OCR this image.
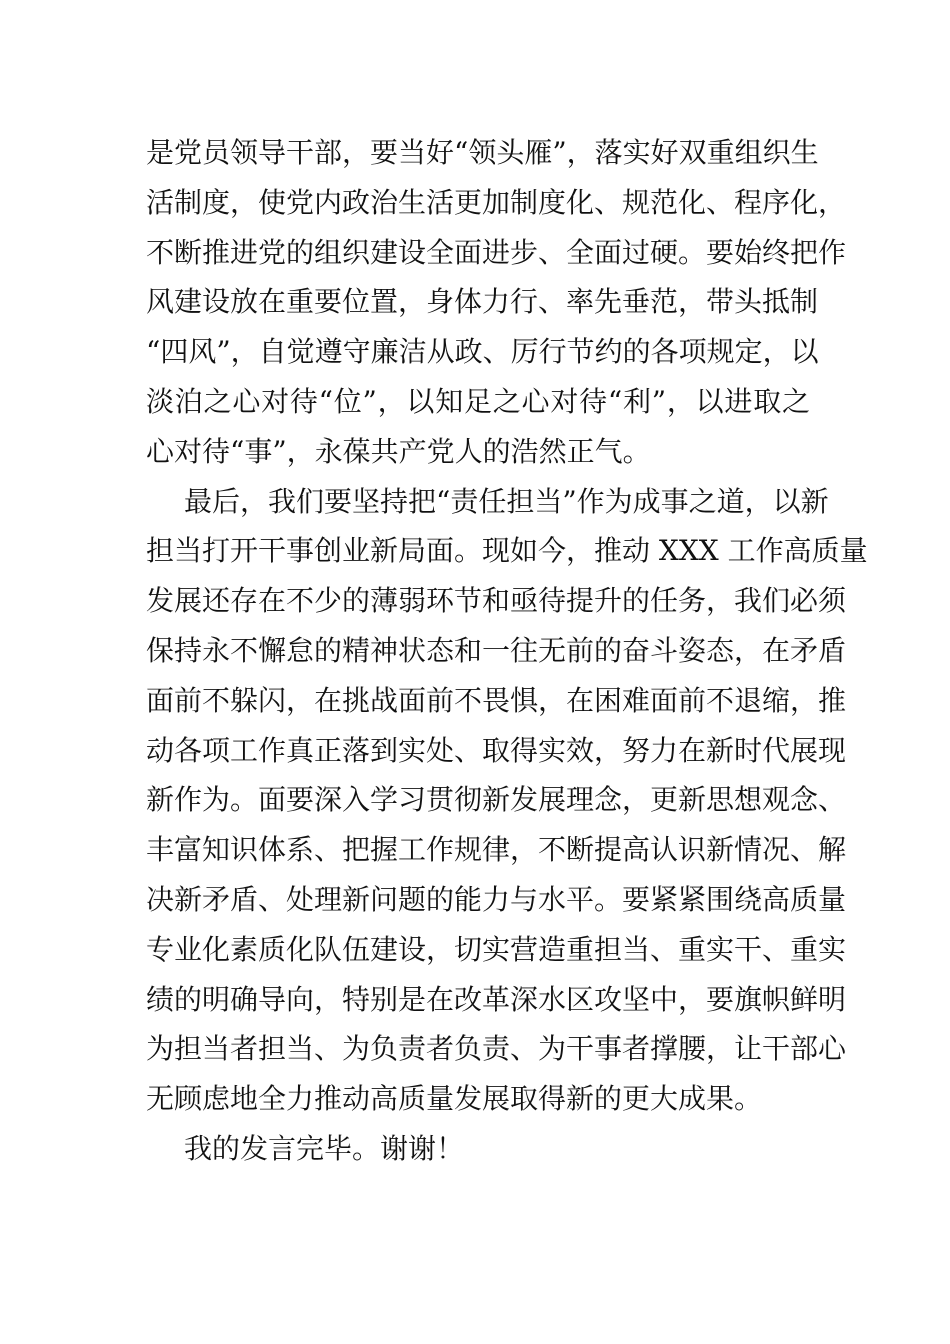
是党员领导干部，要当好“领头雁”，落实好双重组织生
活制度，使党内政治生活更加制度化、规范化、程序化，
不断推进党的组织建设全面进步、全面过硬。要始终把作
风建设放在重要位置，身体力行、率先垂范，带头抵制
“四风”，自觉遵守廉洁从政、厉行节约的各项规定，以
淡泊之心对待“位”，以知足之心对待“利”，以进取之
心对待“事”，永葆共产党人的浩然正气。
最后，我们要坚持把“责任担当”作为成事之道，以新
担当打开干事创业新局面。现如今，推动 XXX 工作高质量
发展还存在不少的薄弱环节和亟待提升的任务，我们必须
保持永不懈怠的精神状态和一往无前的奋斗姿态，在矛盾
面前不躲闪，在挑战面前不畏惧，在困难面前不退缩，推
动各项工作真正落到实处、取得实效，努力在新时代展现
新作为。面要深入学习贯彻新发展理念，更新思想观念、
丰富知识体系、把握工作规律，不断提高认识新情况、解
决新矛盾、处理新问题的能力与水平。要紧紧围绕高质量
专业化素质化队伍建设，切实营造重担当、重实干、重实
绩的明确导向，特别是在改革深水区攻坚中，要旗帜鲜明
为担当者担当、为负责者负责、为干事者撑腰，让干部心
无顾虑地全力推动高质量发展取得新的更大成果。
我的发言完毕。谢谢！
